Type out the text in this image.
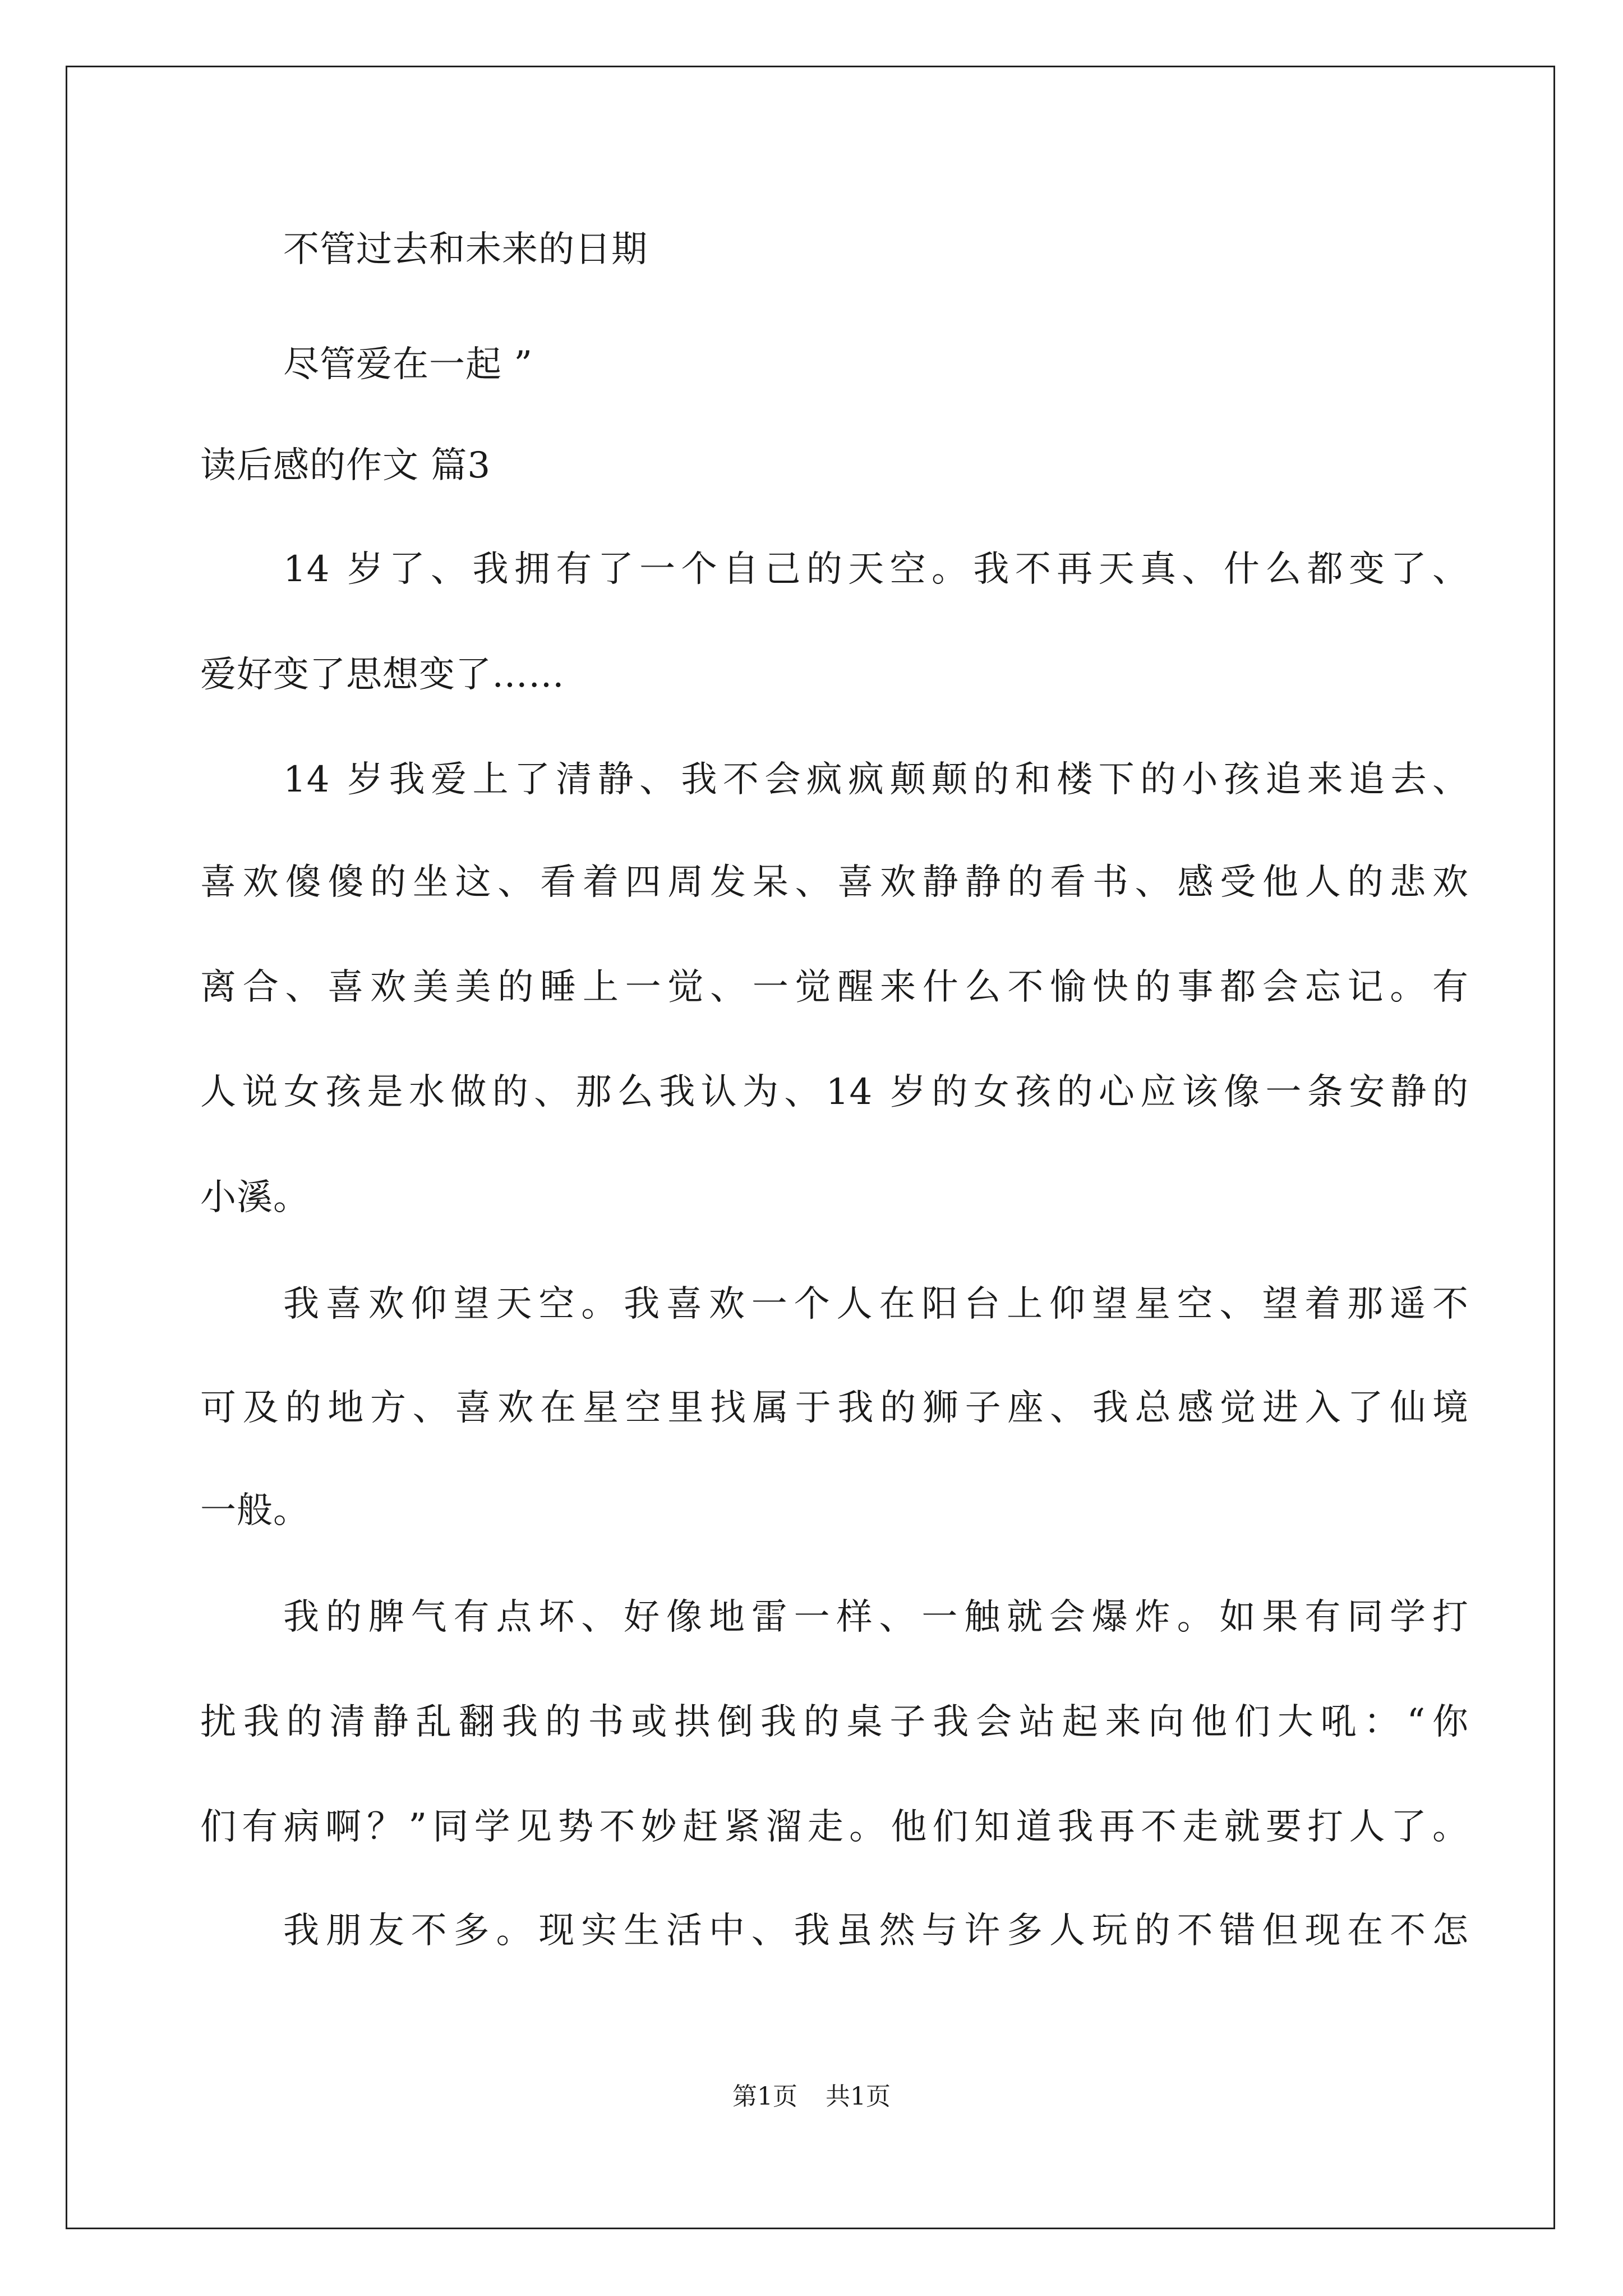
不管过去和未来的日期
尽管爱在一起 ”
读后感的作文 篇3
14 岁了、我拥有了一个自己的天空。我不再天真、什么都变了、
爱好变了思想变了……
14 岁我爱上了清静、我不会疯疯颠颠的和楼下的小孩追来追去、
喜欢傻傻的坐这、看着四周发呆、喜欢静静的看书、感受他人的悲欢
离合、喜欢美美的睡上一觉、一觉醒来什么不愉快的事都会忘记。有
人说女孩是水做的、那么我认为、14 岁的女孩的心应该像一条安静的
小溪。
我喜欢仰望天空。我喜欢一个人在阳台上仰望星空、望着那遥不
可及的地方、喜欢在星空里找属于我的狮子座、我总感觉进入了仙境
一般。
我的脾气有点坏、好像地雷一样、一触就会爆炸。如果有同学打
扰我的清静乱翻我的书或拱倒我的桌子我会站起来向他们大吼：“你
们有病啊？”同学见势不妙赶紧溜走。他们知道我再不走就要打人了。
我朋友不多。现实生活中、我虽然与许多人玩的不错但现在不怎
第1页 共1页
